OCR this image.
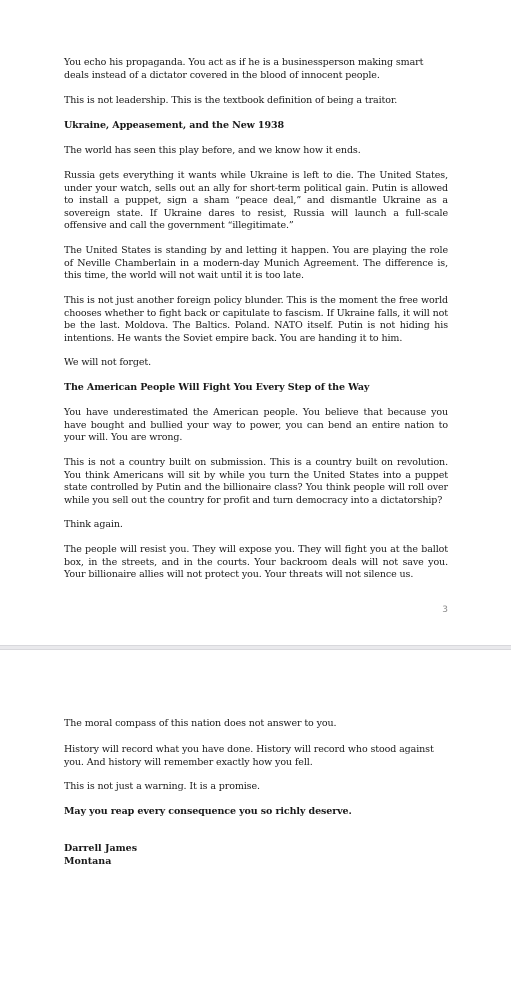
You echo his propaganda. You act as if he is a businessperson making smart deals instead of a dictator covered in the blood of innocent people.

This is not leadership. This is the textbook definition of being a traitor.

Ukraine, Appeasement, and the New 1938

The world has seen this play before, and we know how it ends.

Russia gets everything it wants while Ukraine is left to die. The United States, under your watch, sells out an ally for short-term political gain. Putin is allowed to install a puppet, sign a sham “peace deal,” and dismantle Ukraine as a sovereign state. If Ukraine dares to resist, Russia will launch a full-scale offensive and call the government “illegitimate.”

The United States is standing by and letting it happen. You are playing the role of Neville Chamberlain in a modern-day Munich Agreement. The difference is, this time, the world will not wait until it is too late.

This is not just another foreign policy blunder. This is the moment the free world chooses whether to fight back or capitulate to fascism. If Ukraine falls, it will not be the last. Moldova. The Baltics. Poland. NATO itself. Putin is not hiding his intentions. He wants the Soviet empire back. You are handing it to him.

We will not forget.

The American People Will Fight You Every Step of the Way

You have underestimated the American people. You believe that because you have bought and bullied your way to power, you can bend an entire nation to your will. You are wrong.

This is not a country built on submission. This is a country built on revolution. You think Americans will sit by while you turn the United States into a puppet state controlled by Putin and the billionaire class? You think people will roll over while you sell out the country for profit and turn democracy into a dictatorship?

Think again.

The people will resist you. They will expose you. They will fight you at the ballot box, in the streets, and in the courts. Your backroom deals will not save you. Your billionaire allies will not protect you. Your threats will not silence us.

3

The moral compass of this nation does not answer to you.

History will record what you have done. History will record who stood against you. And history will remember exactly how you fell.

This is not just a warning. It is a promise.

May you reap every consequence you so richly deserve.

Darrell James
Montana
